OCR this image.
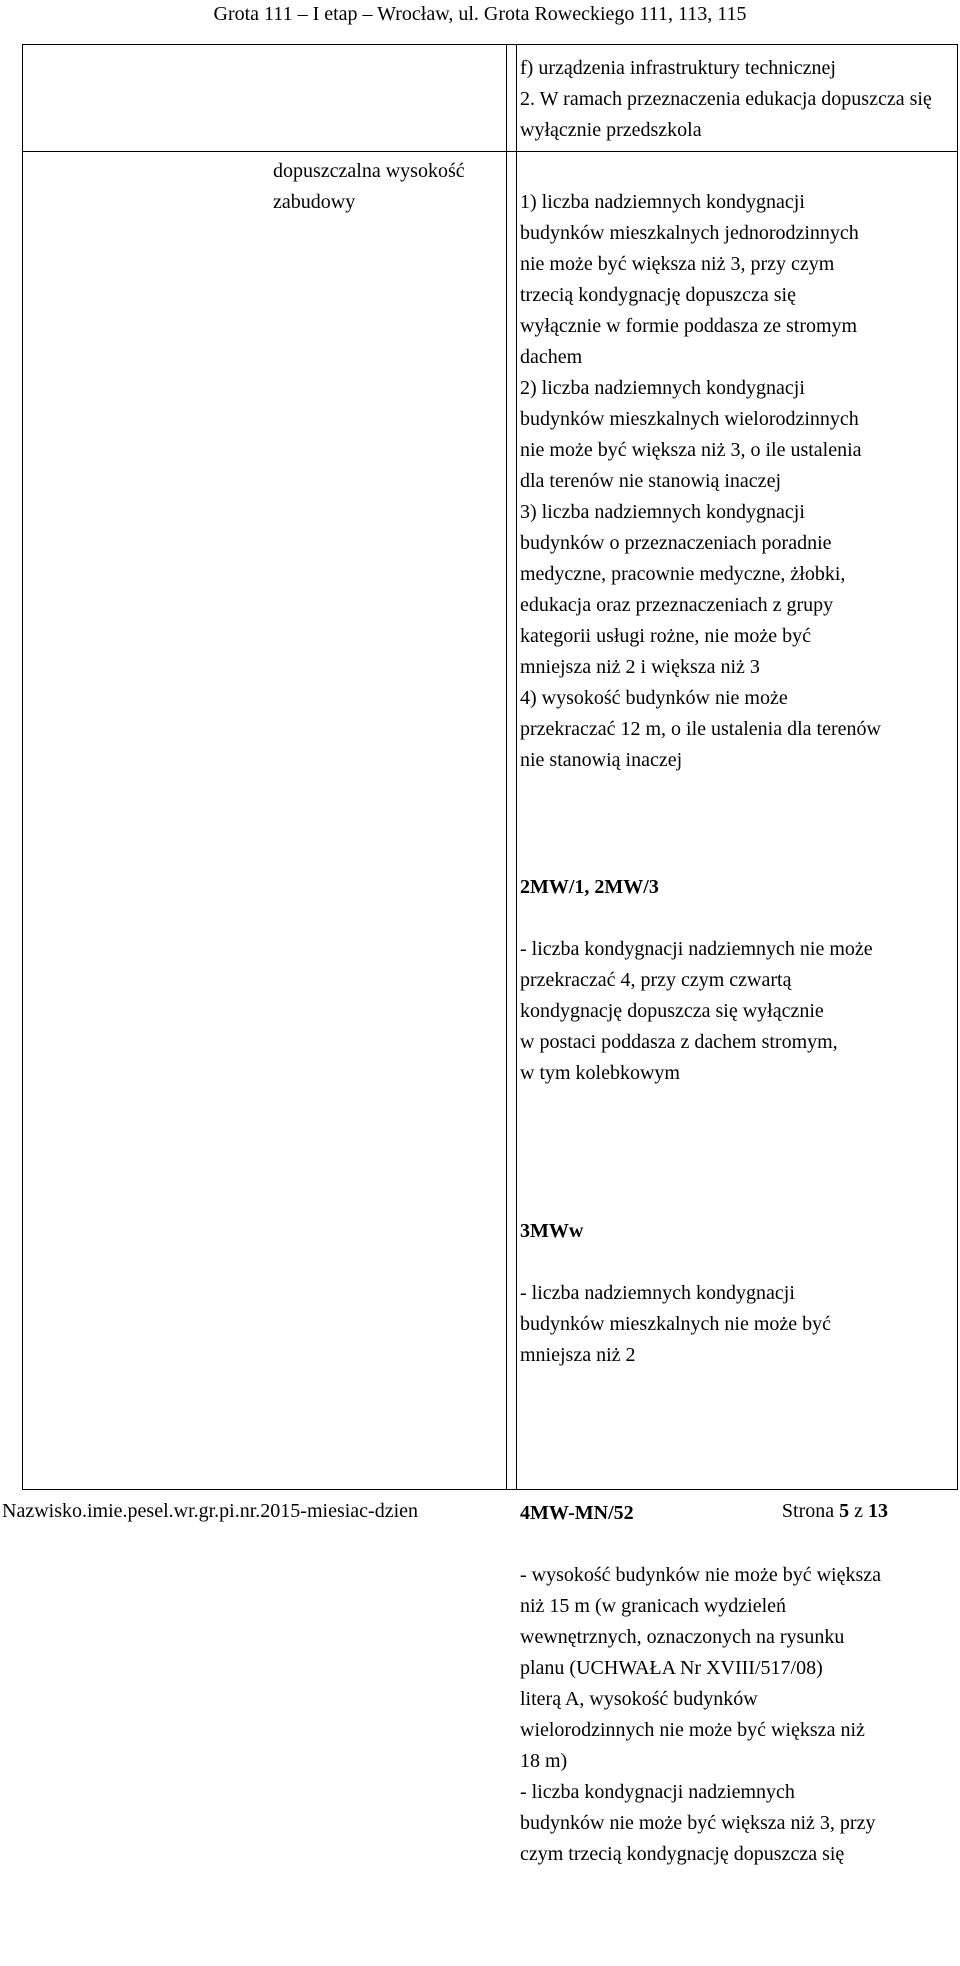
Grota 111 – I etap – Wrocław, ul. Grota Roweckiego 111, 113, 115
f) urządzenia infrastruktury technicznej
2. W ramach przeznaczenia edukacja dopuszcza się wyłącznie przedszkola
dopuszczalna wysokość zabudowy	1) liczba nadziemnych kondygnacji
budynków mieszkalnych jednorodzinnych
nie może być większa niż 3, przy czym
trzecią kondygnację dopuszcza się
wyłącznie w formie poddasza ze stromym
dachem
2) liczba nadziemnych kondygnacji
budynków mieszkalnych wielorodzinnych
nie może być większa niż 3, o ile ustalenia
dla terenów nie stanowią inaczej
3) liczba nadziemnych kondygnacji
budynków o przeznaczeniach poradnie
medyczne, pracownie medyczne, żłobki,
edukacja oraz przeznaczeniach z grupy
kategorii usługi rożne, nie może być
mniejsza niż 2 i większa niż 3
4) wysokość budynków nie może
przekraczać 12 m, o ile ustalenia dla terenów
nie stanowią inaczej

2MW/1, 2MW/3

- liczba kondygnacji nadziemnych nie może
przekraczać 4, przy czym czwartą
kondygnację dopuszcza się wyłącznie
w postaci poddasza z dachem stromym,
w tym kolebkowym

3MWw

- liczba nadziemnych kondygnacji
budynków mieszkalnych nie może być
mniejsza niż 2

4MW-MN/52

- wysokość budynków nie może być większa
niż 15 m (w granicach wydzieleń
wewnętrznych, oznaczonych na rysunku
planu (UCHWAŁA Nr XVIII/517/08)
literą A, wysokość budynków
wielorodzinnych nie może być większa niż
18 m)
- liczba kondygnacji nadziemnych
budynków nie może być większa niż 3, przy
czym trzecią kondygnację dopuszcza się

Nazwisko.imie.pesel.wr.gr.pi.nr.2015-miesiac-dzien	Strona 5 z 13
